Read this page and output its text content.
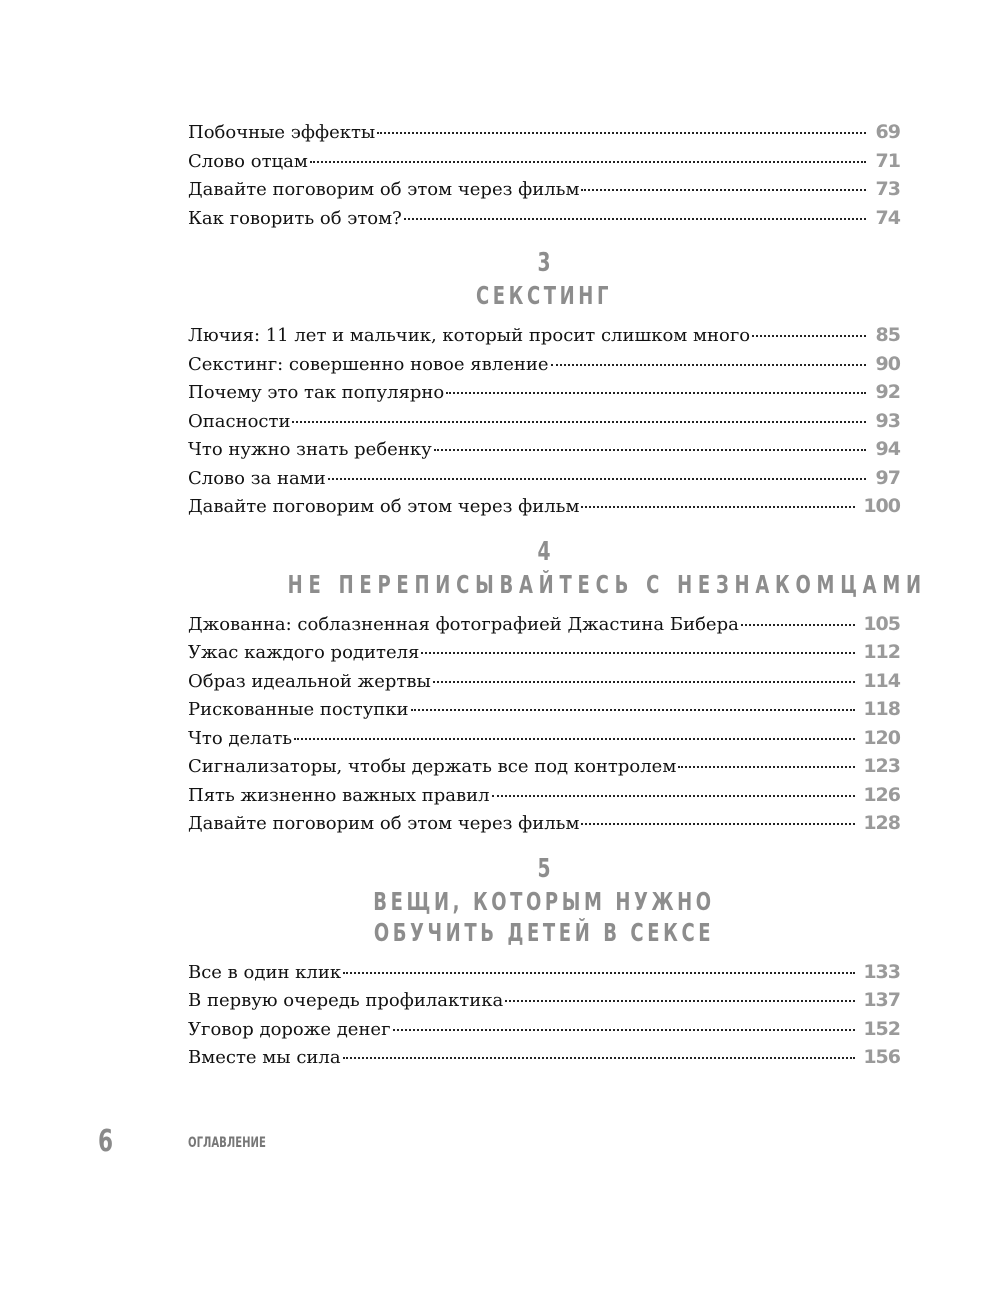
Побочные эффекты	69
Слово отцам	71
Давайте поговорим об этом через фильм	73
Как говорить об этом?	74
3
СЕКСТИНГ
Лючия: 11 лет и мальчик, который просит слишком много	85
Секстинг: совершенно новое явление	90
Почему это так популярно	92
Опасности	93
Что нужно знать ребенку	94
Слово за нами	97
Давайте поговорим об этом через фильм	100
4
НЕ ПЕРЕПИСЫВАЙТЕСЬ С НЕЗНАКОМЦАМИ
Джованна: соблазненная фотографией Джастина Бибера	105
Ужас каждого родителя	112
Образ идеальной жертвы	114
Рискованные поступки	118
Что делать	120
Сигнализаторы, чтобы держать все под контролем	123
Пять жизненно важных правил	126
Давайте поговорим об этом через фильм	128
5
ВЕЩИ, КОТОРЫМ НУЖНО
ОБУЧИТЬ ДЕТЕЙ В СЕКСЕ
Все в один клик	133
В первую очередь профилактика	137
Уговор дороже денег	152
Вместе мы сила	156
6	ОГЛАВЛЕНИЕ
